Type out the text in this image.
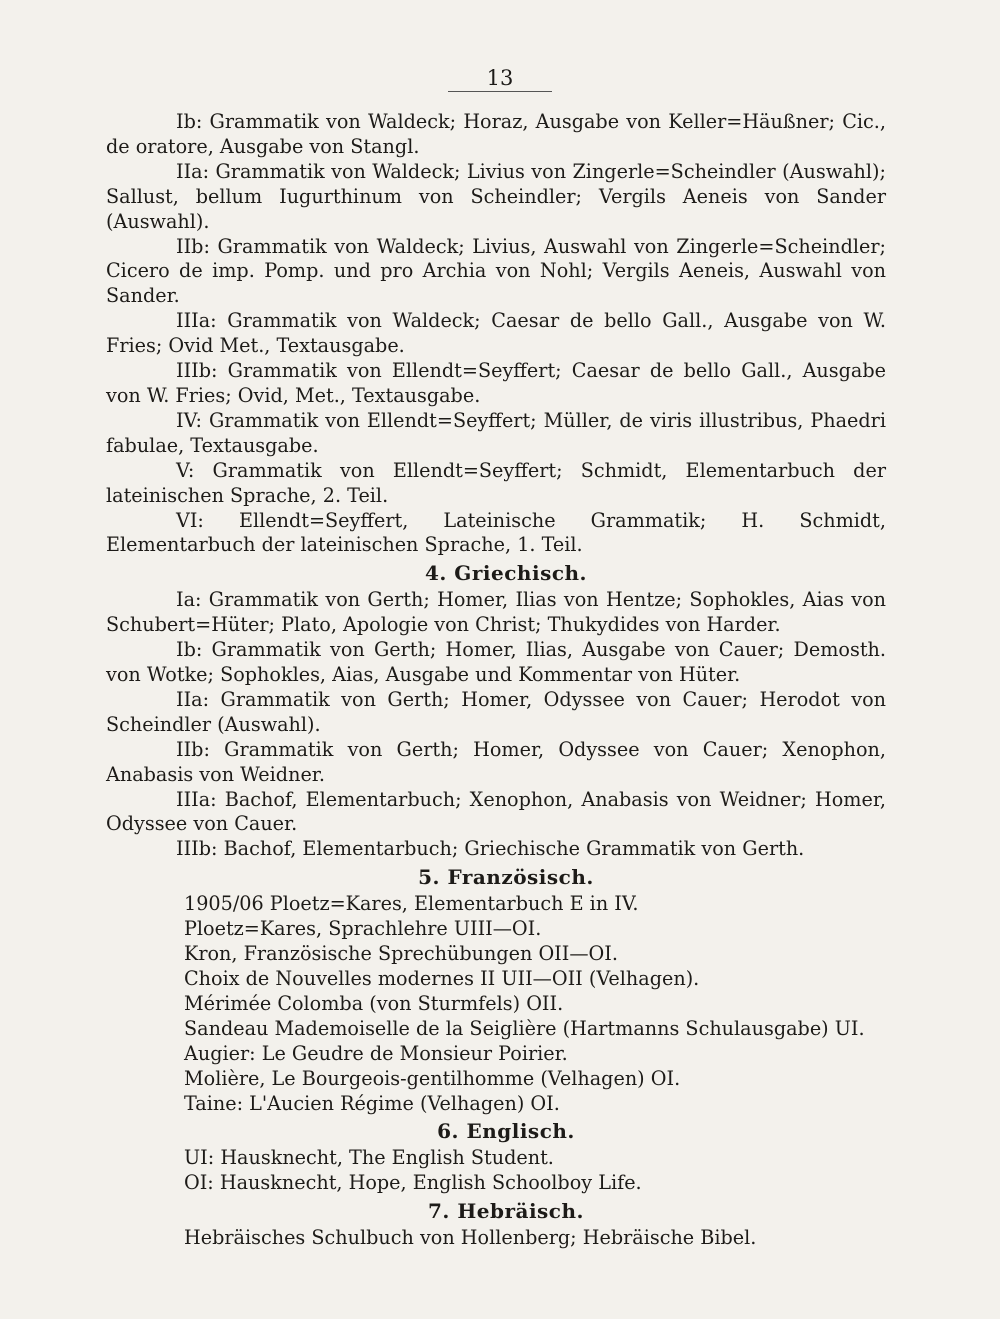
13

Ib: Grammatik von Waldeck; Horaz, Ausgabe von Keller=Häußner; Cic., de oratore, Ausgabe von Stangl.

IIa: Grammatik von Waldeck; Livius von Zingerle=Scheindler (Auswahl); Sallust, bellum Iugurthinum von Scheindler; Vergils Aeneis von Sander (Auswahl).

IIb: Grammatik von Waldeck; Livius, Auswahl von Zingerle=Scheindler; Cicero de imp. Pomp. und pro Archia von Nohl; Vergils Aeneis, Auswahl von Sander.

IIIa: Grammatik von Waldeck; Caesar de bello Gall., Ausgabe von W. Fries; Ovid Met., Textausgabe.

IIIb: Grammatik von Ellendt=Seyffert; Caesar de bello Gall., Ausgabe von W. Fries; Ovid, Met., Textausgabe.

IV: Grammatik von Ellendt=Seyffert; Müller, de viris illustribus, Phaedri fabulae, Textausgabe.

V: Grammatik von Ellendt=Seyffert; Schmidt, Elementarbuch der lateinischen Sprache, 2. Teil.

VI: Ellendt=Seyffert, Lateinische Grammatik; H. Schmidt, Elementarbuch der lateinischen Sprache, 1. Teil.

4. Griechisch.

Ia: Grammatik von Gerth; Homer, Ilias von Hentze; Sophokles, Aias von Schubert=Hüter; Plato, Apologie von Christ; Thukydides von Harder.

Ib: Grammatik von Gerth; Homer, Ilias, Ausgabe von Cauer; Demosth. von Wotke; Sophokles, Aias, Ausgabe und Kommentar von Hüter.

IIa: Grammatik von Gerth; Homer, Odyssee von Cauer; Herodot von Scheindler (Auswahl).

IIb: Grammatik von Gerth; Homer, Odyssee von Cauer; Xenophon, Anabasis von Weidner.

IIIa: Bachof, Elementarbuch; Xenophon, Anabasis von Weidner; Homer, Odyssee von Cauer.

IIIb: Bachof, Elementarbuch; Griechische Grammatik von Gerth.

5. Französisch.

1905/06 Ploetz=Kares, Elementarbuch E in IV.

Ploetz=Kares, Sprachlehre UIII—OI.

Kron, Französische Sprechübungen OII—OI.

Choix de Nouvelles modernes II UII—OII (Velhagen).

Mérimée Colomba (von Sturmfels) OII.

Sandeau Mademoiselle de la Seiglière (Hartmanns Schulausgabe) UI.

Augier: Le Geudre de Monsieur Poirier.

Molière, Le Bourgeois-gentilhomme (Velhagen) OI.

Taine: L'Aucien Régime (Velhagen) OI.

6. Englisch.

UI: Hausknecht, The English Student.

OI: Hausknecht, Hope, English Schoolboy Life.

7. Hebräisch.

Hebräisches Schulbuch von Hollenberg; Hebräische Bibel.
